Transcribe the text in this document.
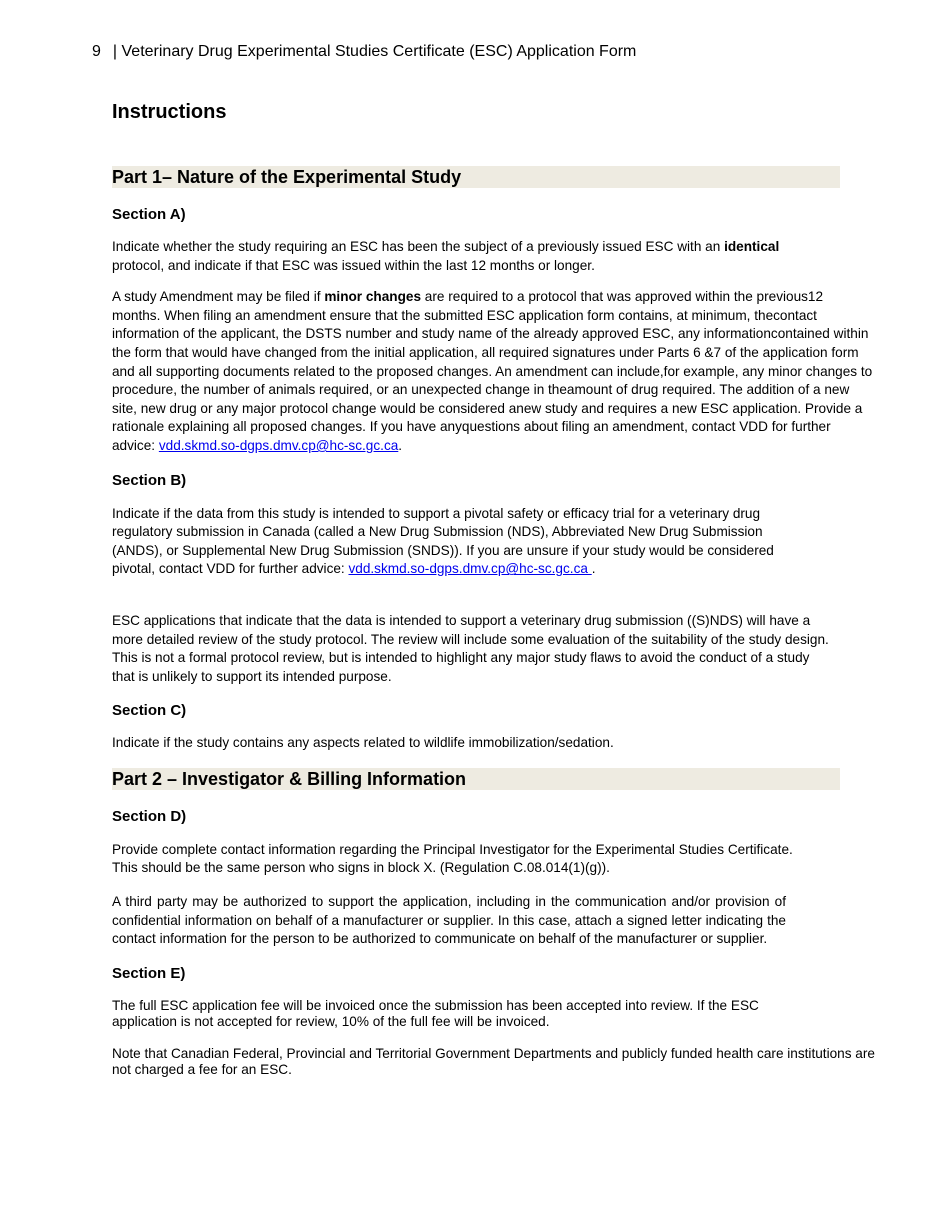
9 | Veterinary Drug Experimental Studies Certificate (ESC) Application Form
Instructions
Part 1– Nature of the Experimental Study
Section A)

Indicate whether the study requiring an ESC has been the subject of a previously issued ESC with an identical protocol, and indicate if that ESC was issued within the last 12 months or longer.

A study Amendment may be filed if minor changes are required to a protocol that was approved within the previous12 months. When filing an amendment ensure that the submitted ESC application form contains, at minimum, thecontact information of the applicant, the DSTS number and study name of the already approved ESC, any informationcontained within the form that would have changed from the initial application, all required signatures under Parts 6 &7 of the application form and all supporting documents related to the proposed changes. An amendment can include,for example, any minor changes to procedure, the number of animals required, or an unexpected change in theamount of drug required. The addition of a new site, new drug or any major protocol change would be considered anew study and requires a new ESC application. Provide a rationale explaining all proposed changes. If you have anyquestions about filing an amendment, contact VDD for further advice: vdd.skmd.so-dgps.dmv.cp@hc-sc.gc.ca.

Section B)

Indicate if the data from this study is intended to support a pivotal safety or efficacy trial for a veterinary drug regulatory submission in Canada (called a New Drug Submission (NDS), Abbreviated New Drug Submission (ANDS), or Supplemental New Drug Submission (SNDS)). If you are unsure if your study would be considered pivotal, contact VDD for further advice: vdd.skmd.so-dgps.dmv.cp@hc-sc.gc.ca .

ESC applications that indicate that the data is intended to support a veterinary drug submission ((S)NDS) will have a more detailed review of the study protocol. The review will include some evaluation of the suitability of the study design. This is not a formal protocol review, but is intended to highlight any major study flaws to avoid the conduct of a study that is unlikely to support its intended purpose.

Section C)

Indicate if the study contains any aspects related to wildlife immobilization/sedation.

Part 2 – Investigator & Billing Information
Section D)

Provide complete contact information regarding the Principal Investigator for the Experimental Studies Certificate. This should be the same person who signs in block X. (Regulation C.08.014(1)(g)).

A third party may be authorized to support the application, including in the communication and/or provision of confidential information on behalf of a manufacturer or supplier. In this case, attach a signed letter indicating the contact information for the person to be authorized to communicate on behalf of the manufacturer or supplier.

Section E)

The full ESC application fee will be invoiced once the submission has been accepted into review. If the ESC application is not accepted for review, 10% of the full fee will be invoiced.

Note that Canadian Federal, Provincial and Territorial Government Departments and publicly funded health care institutions are not charged a fee for an ESC.
